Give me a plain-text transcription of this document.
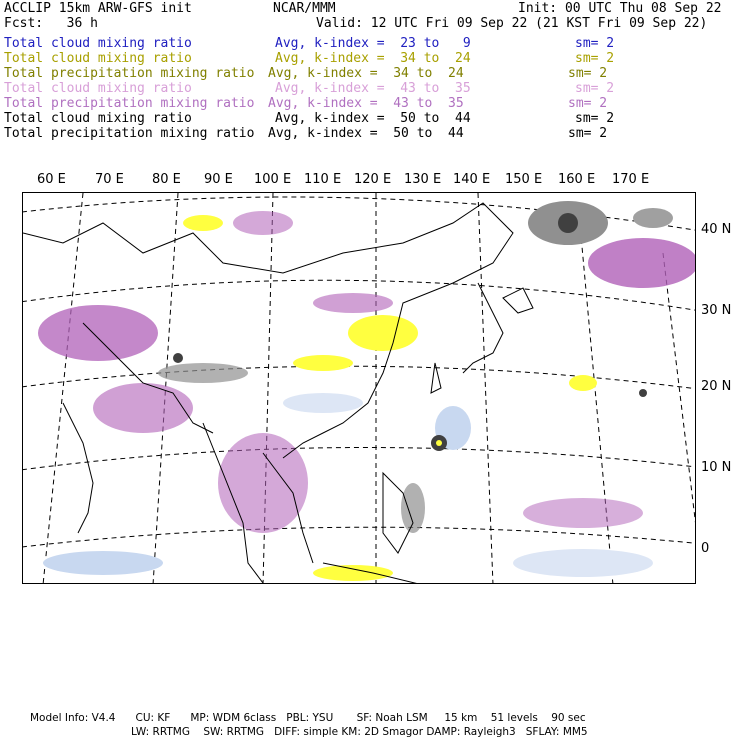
ACCLIP 15km ARW-GFS init	NCAR/MMM	Init: 00 UTC Thu 08 Sep 22
Fcst:   36 h	Valid: 12 UTC Fri 09 Sep 22 (21 KST Fri 09 Sep 22)
Total cloud mixing ratio	Avg, k-index =  23 to   9	sm= 2
Total cloud mixing ratio	Avg, k-index =  34 to  24	sm= 2
Total precipitation mixing ratio Avg, k-index =  34 to  24	sm= 2
Total cloud mixing ratio	Avg, k-index =  43 to  35	sm= 2
Total precipitation mixing ratio Avg, k-index =  43 to  35	sm= 2
Total cloud mixing ratio	Avg, k-index =  50 to  44	sm= 2
Total precipitation mixing ratio Avg, k-index =  50 to  44	sm= 2
60 E 70 E 80 E 90 E 100 E 110 E 120 E 130 E 140 E 150 E 160 E 170 E
40 N
30 N
20 N
10 N
0
Model Info: V4.4      CU: KF      MP: WDM 6class   PBL: YSU       SF: Noah LSM     15 km    51 levels    90 sec
LW: RRTMG    SW: RRTMG   DIFF: simple KM: 2D Smagor DAMP: Rayleigh3   SFLAY: MM5
